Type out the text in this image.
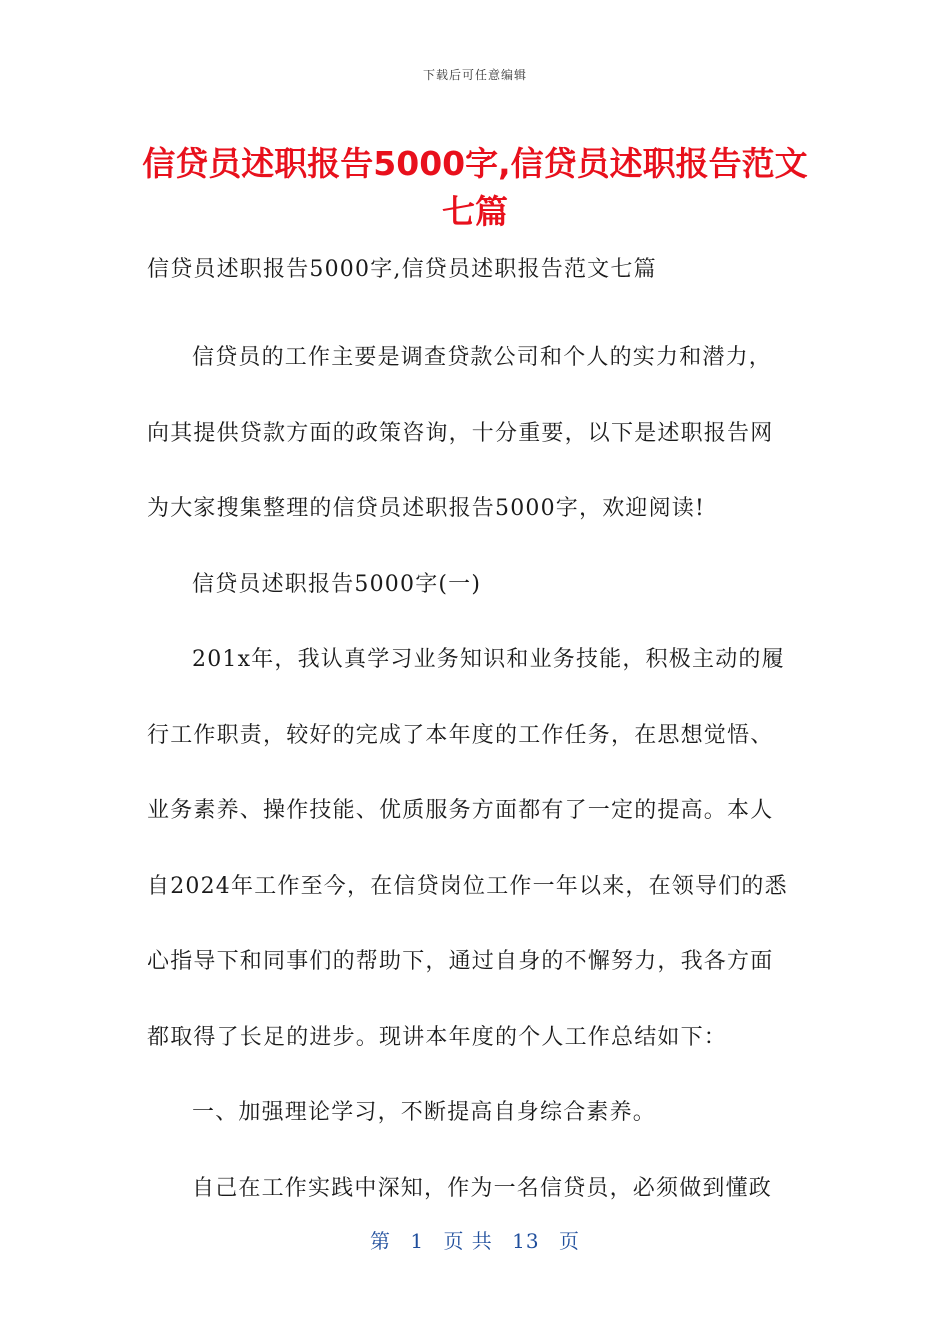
下载后可任意编辑
信贷员述职报告5000字,信贷员述职报告范文七篇

信贷员述职报告5000字,信贷员述职报告范文七篇

信贷员的工作主要是调查贷款公司和个人的实力和潜力，

向其提供贷款方面的政策咨询，十分重要，以下是述职报告网

为大家搜集整理的信贷员述职报告5000字，欢迎阅读!

信贷员述职报告5000字(一)

201x年，我认真学习业务知识和业务技能，积极主动的履

行工作职责，较好的完成了本年度的工作任务，在思想觉悟、

业务素养、操作技能、优质服务方面都有了一定的提高。本人

自2024年工作至今，在信贷岗位工作一年以来，在领导们的悉

心指导下和同事们的帮助下，通过自身的不懈努力，我各方面

都取得了长足的进步。现讲本年度的个人工作总结如下：

一、加强理论学习，不断提高自身综合素养。

自己在工作实践中深知，作为一名信贷员，必须做到懂政

第 1 页 共 13 页
